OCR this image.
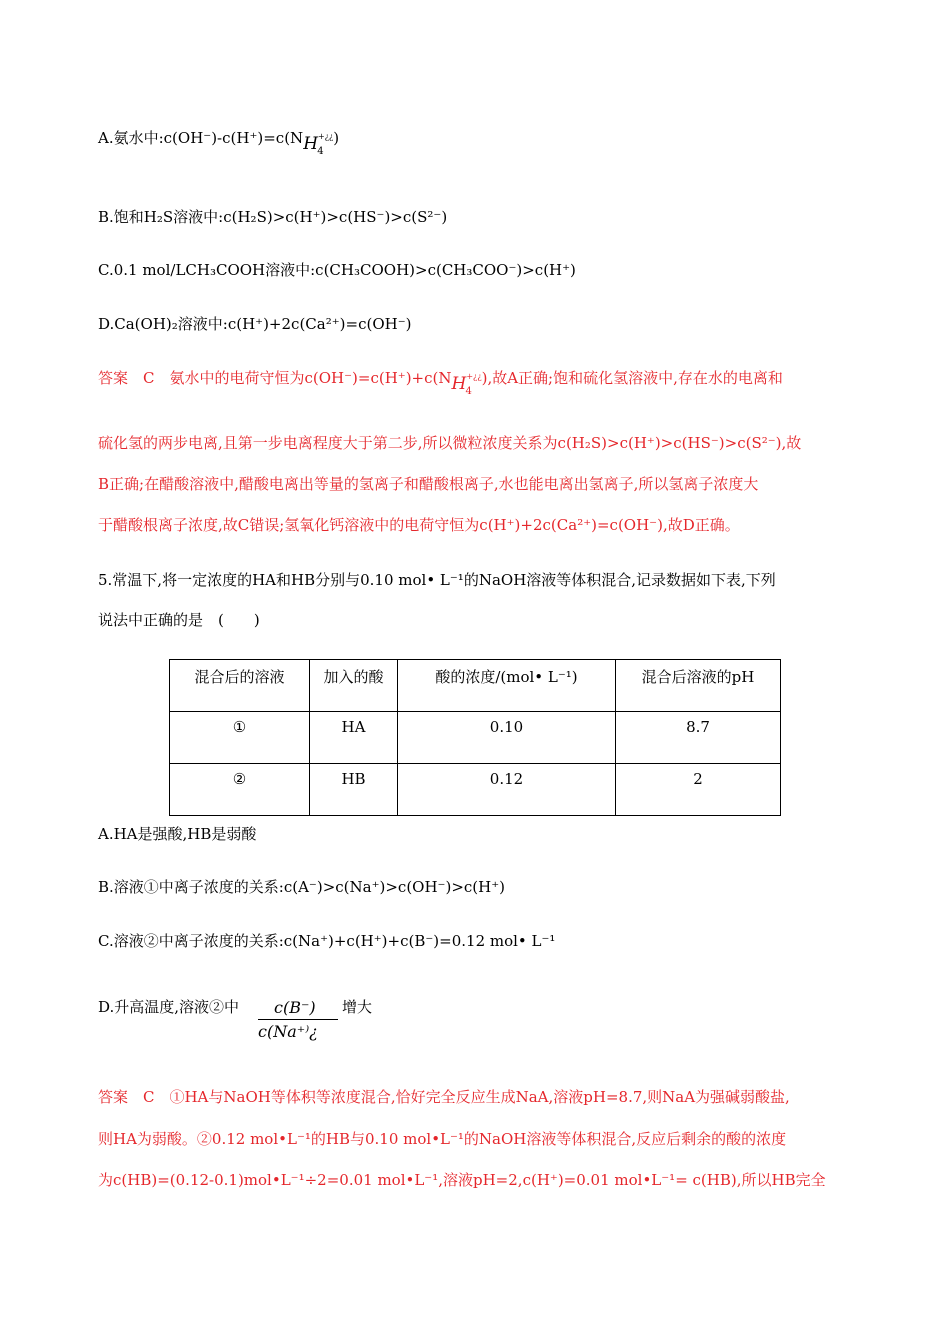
A.氨水中:c(OH⁻)-c(H⁺)=c(NH+¿¿
4
)
B.饱和H₂S溶液中:c(H₂S)>c(H⁺)>c(HS⁻)>c(S²⁻)
C.0.1 mol/LCH₃COOH溶液中:c(CH₃COOH)>c(CH₃COO⁻)>c(H⁺)
D.Ca(OH)₂溶液中:c(H⁺)+2c(Ca²⁺)=c(OH⁻)
答案　C　氨水中的电荷守恒为c(OH⁻)=c(H⁺)+c(NH+¿¿
4
),故A正确;饱和硫化氢溶液中,存在水的电离和
硫化氢的两步电离,且第一步电离程度大于第二步,所以微粒浓度关系为c(H₂S)>c(H⁺)>c(HS⁻)>c(S²⁻),故
B正确;在醋酸溶液中,醋酸电离出等量的氢离子和醋酸根离子,水也能电离出氢离子,所以氢离子浓度大
于醋酸根离子浓度,故C错误;氢氧化钙溶液中的电荷守恒为c(H⁺)+2c(Ca²⁺)=c(OH⁻),故D正确。
5.常温下,将一定浓度的HA和HB分别与0.10 mol• L⁻¹的NaOH溶液等体积混合,记录数据如下表,下列
说法中正确的是　(　　)
混合后的溶液	加入的酸	酸的浓度/(mol• L⁻¹)	混合后溶液的pH
①	HA	0.10	8.7
②	HB	0.12	2
A.HA是强酸,HB是弱酸
B.溶液①中离子浓度的关系:c(A⁻)>c(Na⁺)>c(OH⁻)>c(H⁺)
C.溶液②中离子浓度的关系:c(Na⁺)+c(H⁺)+c(B⁻)=0.12 mol• L⁻¹
D.升高温度,溶液②中 c(B⁻)
c(Na⁺⁾¿
增大
答案　C　①HA与NaOH等体积等浓度混合,恰好完全反应生成NaA,溶液pH=8.7,则NaA为强碱弱酸盐,
则HA为弱酸。②0.12 mol•L⁻¹的HB与0.10 mol•L⁻¹的NaOH溶液等体积混合,反应后剩余的酸的浓度
为c(HB)=(0.12-0.1)mol•L⁻¹÷2=0.01 mol•L⁻¹,溶液pH=2,c(H⁺)=0.01 mol•L⁻¹= c(HB),所以HB完全
